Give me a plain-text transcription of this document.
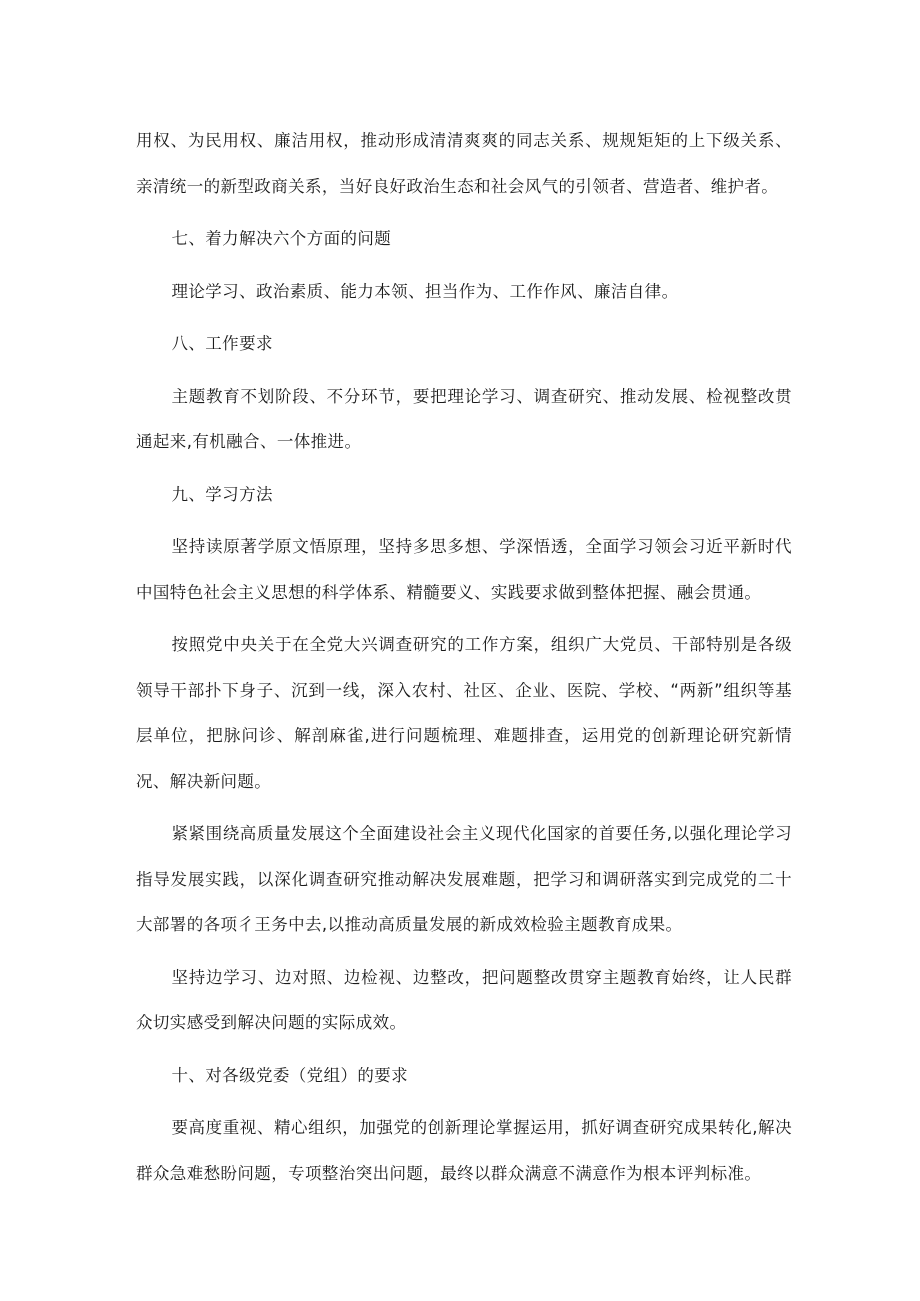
用权、为民用权、廉洁用权，推动形成清清爽爽的同志关系、规规矩矩的上下级关系、亲清统一的新型政商关系，当好良好政治生态和社会风气的引领者、营造者、维护者。

七、着力解决六个方面的问题

理论学习、政治素质、能力本领、担当作为、工作作风、廉洁自律。

八、工作要求

主题教育不划阶段、不分环节，要把理论学习、调查研究、推动发展、检视整改贯通起来,有机融合、一体推进。

九、学习方法

坚持读原著学原文悟原理，坚持多思多想、学深悟透，全面学习领会习近平新时代中国特色社会主义思想的科学体系、精髓要义、实践要求做到整体把握、融会贯通。

按照党中央关于在全党大兴调查研究的工作方案，组织广大党员、干部特别是各级领导干部扑下身子、沉到一线，深入农村、社区、企业、医院、学校、“两新”组织等基层单位，把脉问诊、解剖麻雀,进行问题梳理、难题排查，运用党的创新理论研究新情况、解决新问题。

紧紧围绕高质量发展这个全面建设社会主义现代化国家的首要任务,以强化理论学习指导发展实践，以深化调查研究推动解决发展难题，把学习和调研落实到完成党的二十大部署的各项彳王务中去,以推动高质量发展的新成效检验主题教育成果。

坚持边学习、边对照、边检视、边整改，把问题整改贯穿主题教育始终，让人民群众切实感受到解决问题的实际成效。

十、对各级党委（党组）的要求

要高度重视、精心组织，加强党的创新理论掌握运用，抓好调查研究成果转化,解决群众急难愁盼问题，专项整治突出问题，最终以群众满意不满意作为根本评判标准。
